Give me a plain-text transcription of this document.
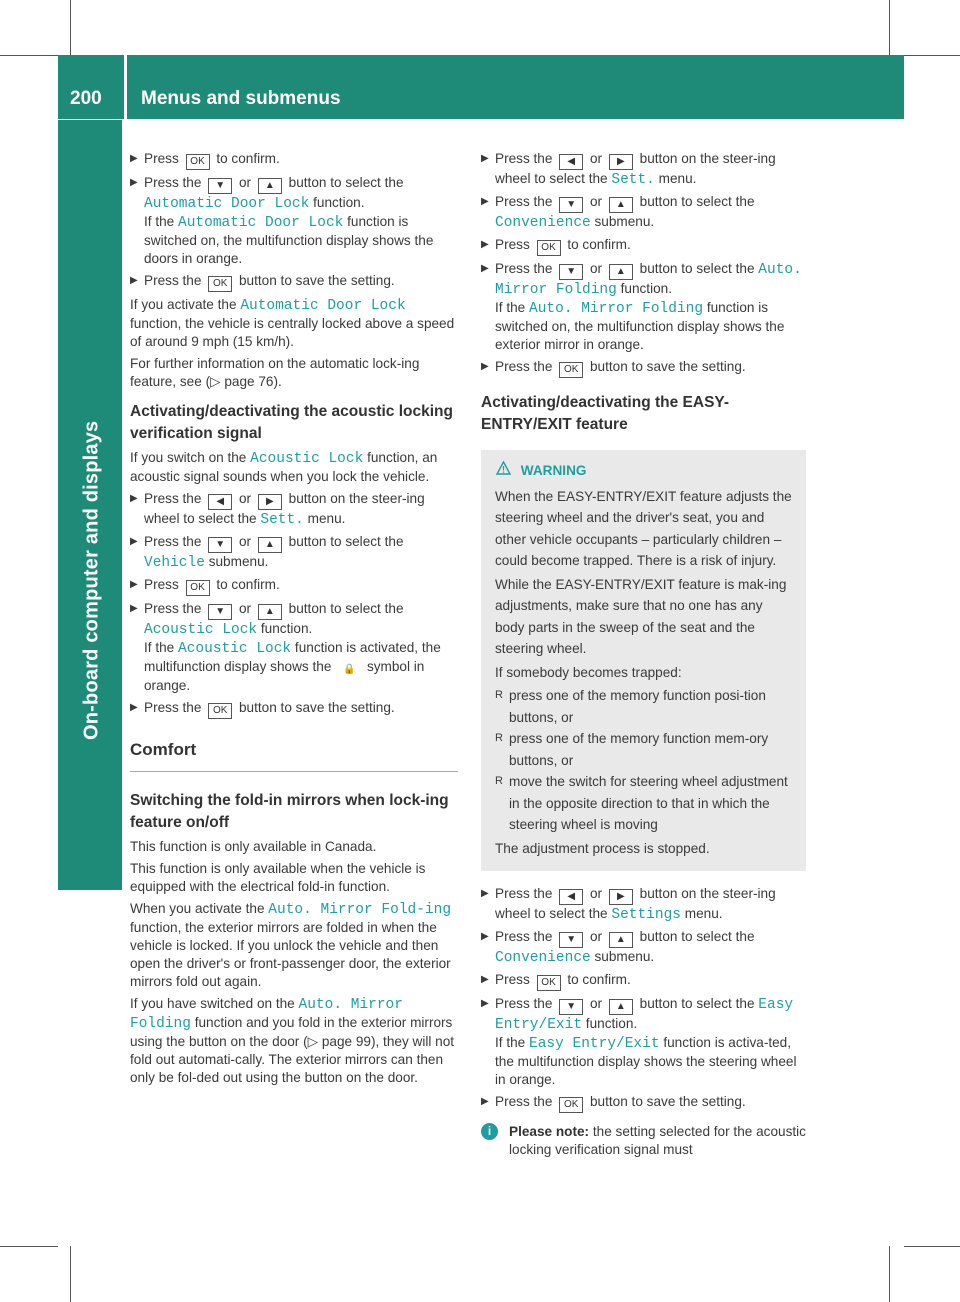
200 Menus and submenus
On-board computer and displays
▶ Press OK to confirm.
▶ Press the ▼ or ▲ button to select the Automatic Door Lock function.
If the Automatic Door Lock function is switched on, the multifunction display shows the doors in orange.
▶ Press the OK button to save the setting.

If you activate the Automatic Door Lock function, the vehicle is centrally locked above a speed of around 9 mph (15 km/h).

For further information on the automatic lock-ing feature, see (▷ page 76).

Activating/deactivating the acoustic locking verification signal

If you switch on the Acoustic Lock function, an acoustic signal sounds when you lock the vehicle.

▶ Press the ◀ or ▶ button on the steer-ing wheel to select the Sett. menu.
▶ Press the ▼ or ▲ button to select the Vehicle submenu.
▶ Press OK to confirm.
▶ Press the ▼ or ▲ button to select the Acoustic Lock function.
If the Acoustic Lock function is activated, the multifunction display shows the 🔒 symbol in orange.
▶ Press the OK button to save the setting.
Comfort
Switching the fold-in mirrors when lock-ing feature on/off

This function is only available in Canada.

This function is only available when the vehicle is equipped with the electrical fold-in function.

When you activate the Auto. Mirror Fold-ing function, the exterior mirrors are folded in when the vehicle is locked. If you unlock the vehicle and then open the driver's or front-passenger door, the exterior mirrors fold out again.

If you have switched on the Auto. Mirror Folding function and you fold in the exterior mirrors using the button on the door (▷ page 99), they will not fold out automati-cally. The exterior mirrors can then only be fol-ded out using the button on the door.

▶ Press the ◀ or ▶ button on the steer-ing wheel to select the Sett. menu.
▶ Press the ▼ or ▲ button to select the Convenience submenu.
▶ Press OK to confirm.
▶ Press the ▼ or ▲ button to select the Auto. Mirror Folding function.
If the Auto. Mirror Folding function is switched on, the multifunction display shows the exterior mirror in orange.
▶ Press the OK button to save the setting.
Activating/deactivating the EASY-ENTRY/EXIT feature
WARNING
When the EASY-ENTRY/EXIT feature adjusts the steering wheel and the driver's seat, you and other vehicle occupants – particularly children – could become trapped. There is a risk of injury.
While the EASY-ENTRY/EXIT feature is mak-ing adjustments, make sure that no one has any body parts in the sweep of the seat and the steering wheel.
If somebody becomes trapped:
R press one of the memory function posi-tion buttons, or
R press one of the memory function mem-ory buttons, or
R move the switch for steering wheel adjustment in the opposite direction to that in which the steering wheel is moving
The adjustment process is stopped.
▶ Press the ◀ or ▶ button on the steer-ing wheel to select the Settings menu.
▶ Press the ▼ or ▲ button to select the Convenience submenu.
▶ Press OK to confirm.
▶ Press the ▼ or ▲ button to select the Easy Entry/Exit function.
If the Easy Entry/Exit function is activa-ted, the multifunction display shows the steering wheel in orange.
▶ Press the OK button to save the setting.
i	Please note: the setting selected for the acoustic locking verification signal must
